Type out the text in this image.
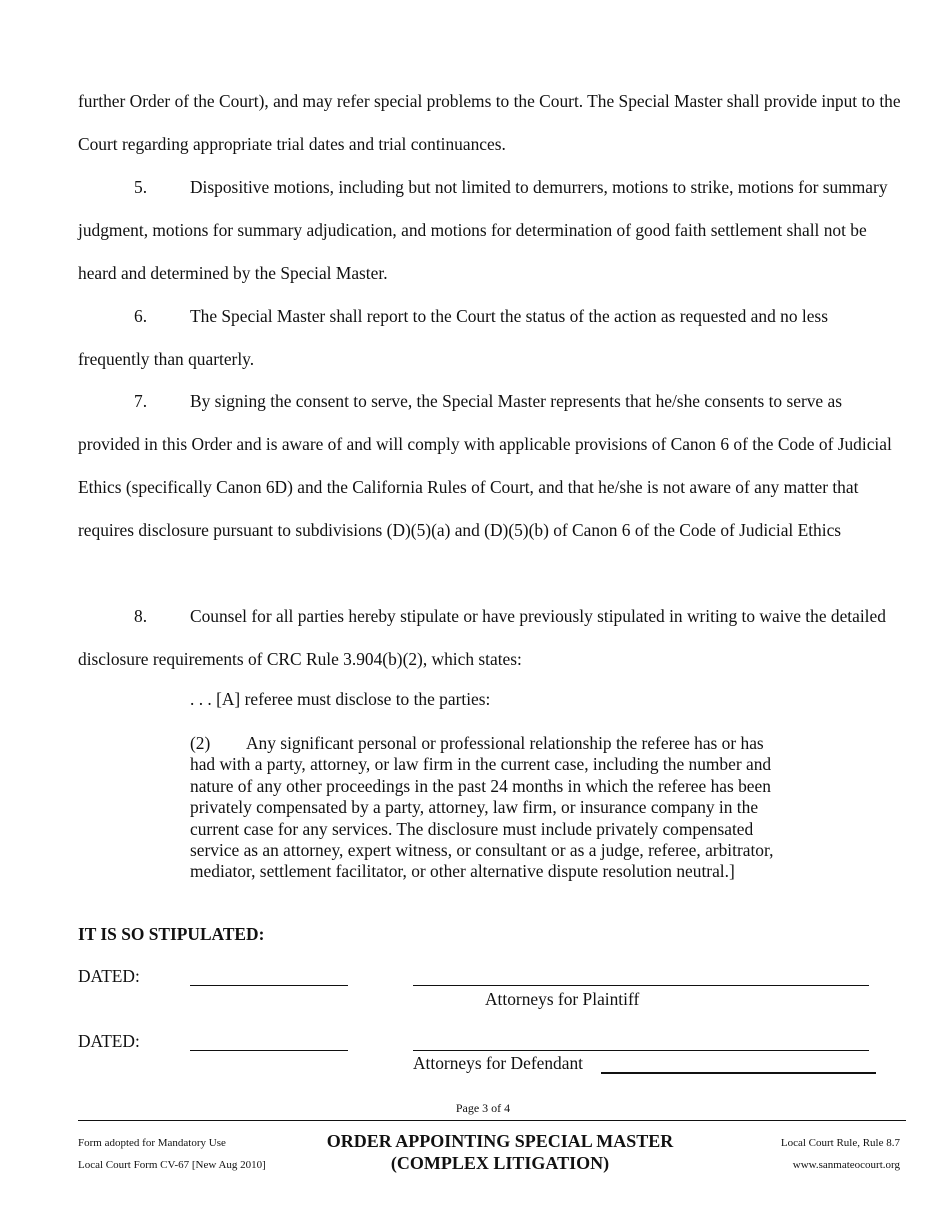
further Order of the Court), and may refer special problems to the Court. The Special Master shall provide input to the Court regarding appropriate trial dates and trial continuances.

5. Dispositive motions, including but not limited to demurrers, motions to strike, motions for summary judgment, motions for summary adjudication, and motions for determination of good faith settlement shall not be heard and determined by the Special Master.

6. The Special Master shall report to the Court the status of the action as requested and no less frequently than quarterly.

7. By signing the consent to serve, the Special Master represents that he/she consents to serve as provided in this Order and is aware of and will comply with applicable provisions of Canon 6 of the Code of Judicial Ethics (specifically Canon 6D) and the California Rules of Court, and that he/she is not aware of any matter that requires disclosure pursuant to subdivisions (D)(5)(a) and (D)(5)(b) of Canon 6 of the Code of Judicial Ethics

8. Counsel for all parties hereby stipulate or have previously stipulated in writing to waive the detailed disclosure requirements of CRC Rule 3.904(b)(2), which states:

. . . [A] referee must disclose to the parties:
(2) Any significant personal or professional relationship the referee has or has had with a party, attorney, or law firm in the current case, including the number and nature of any other proceedings in the past 24 months in which the referee has been privately compensated by a party, attorney, law firm, or insurance company in the current case for any services. The disclosure must include privately compensated service as an attorney, expert witness, or consultant or as a judge, referee, arbitrator, mediator, settlement facilitator, or other alternative dispute resolution neutral.]
IT IS SO STIPULATED:
DATED:
Attorneys for Plaintiff
DATED:
Attorneys for Defendant
Page 3 of 4
Form adopted for Mandatory Use
Local Court Form CV-67 [New Aug 2010]
ORDER APPOINTING SPECIAL MASTER
(COMPLEX LITIGATION)
Local Court Rule, Rule 8.7
www.sanmateocourt.org
